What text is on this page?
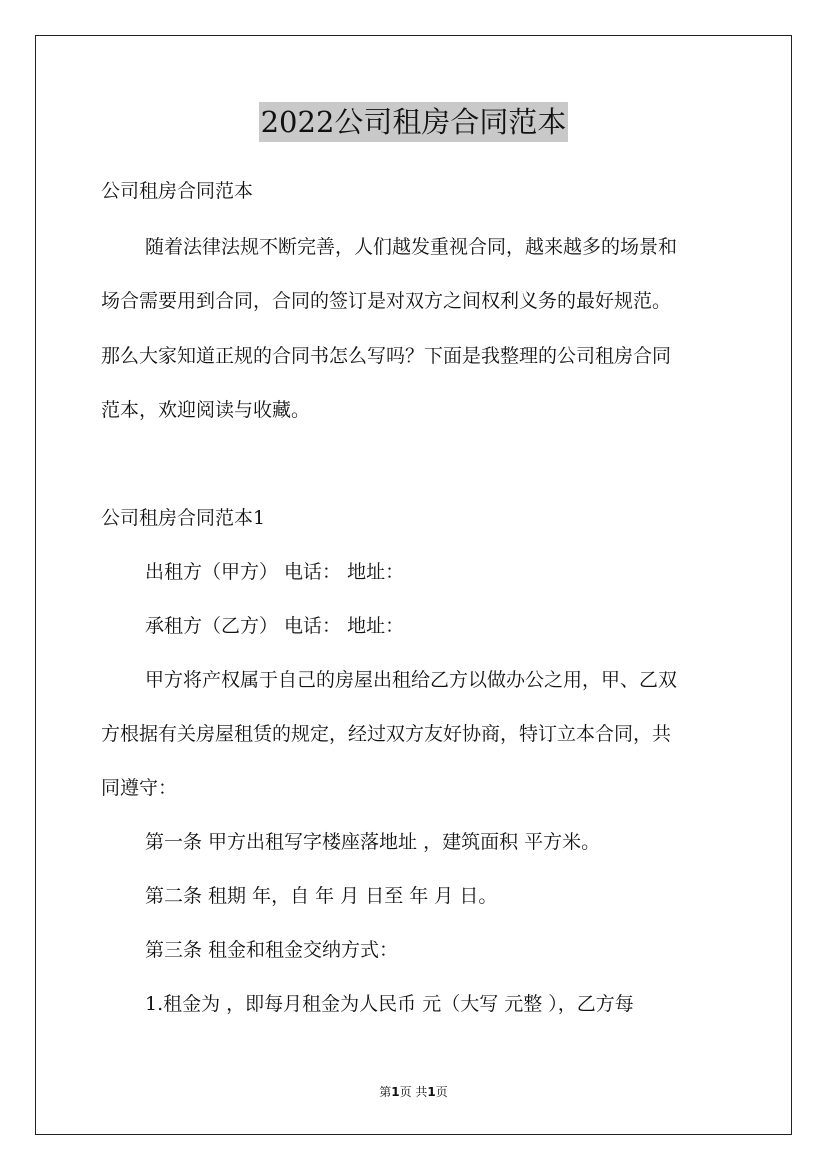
2022公司租房合同范本
公司租房合同范本
随着法律法规不断完善，人们越发重视合同，越来越多的场景和
场合需要用到合同，合同的签订是对双方之间权利义务的最好规范。
那么大家知道正规的合同书怎么写吗？下面是我整理的公司租房合同
范本，欢迎阅读与收藏。
公司租房合同范本1
出租方（甲方） 电话： 地址：
承租方（乙方） 电话： 地址：
甲方将产权属于自己的房屋出租给乙方以做办公之用，甲、乙双
方根据有关房屋租赁的规定，经过双方友好协商，特订立本合同，共
同遵守：
第一条 甲方出租写字楼座落地址 ，建筑面积 平方米。
第二条 租期 年，自 年 月 日至 年 月 日。
第三条 租金和租金交纳方式：
1.租金为 ，即每月租金为人民币 元（大写 元整 ），乙方每
第1页 共1页
